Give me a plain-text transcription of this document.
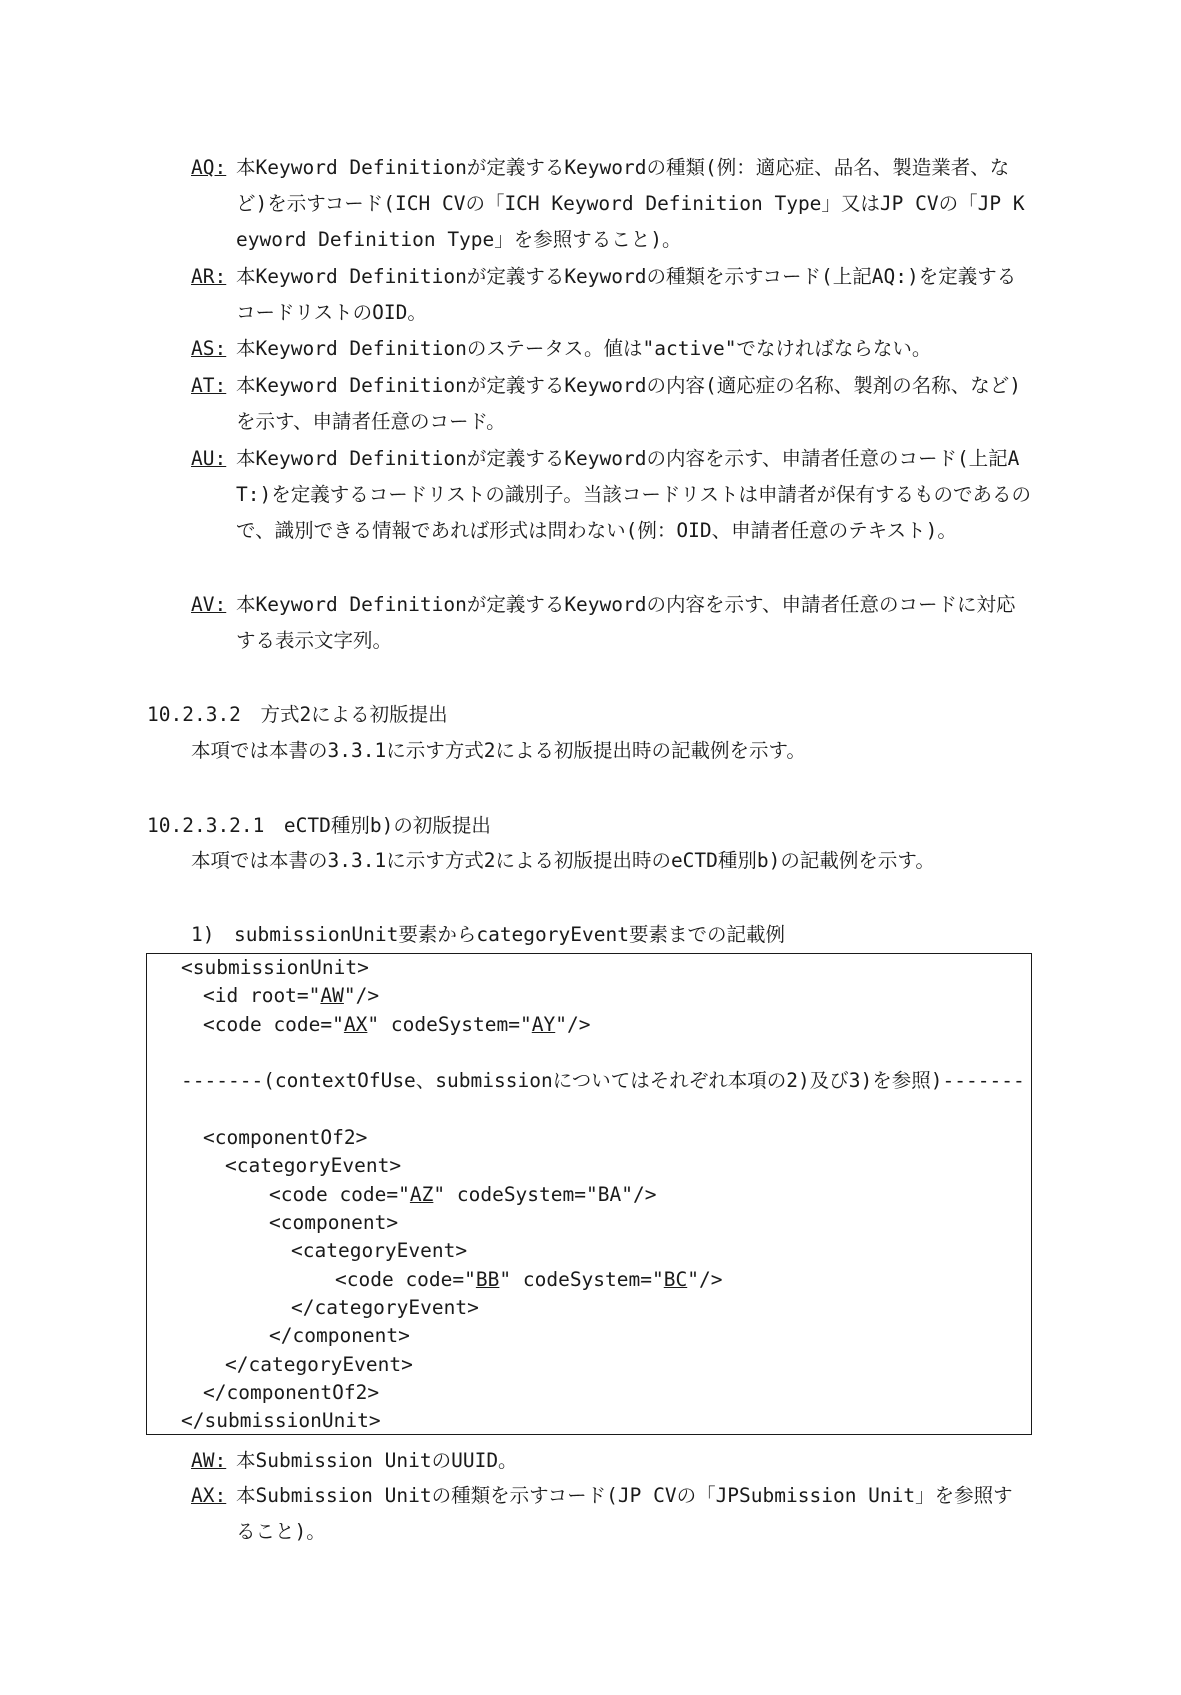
AQ: 本Keyword Definitionが定義するKeywordの種類(例：適応症、品名、製造業者、など)を示すコード(ICH CVの「ICH Keyword Definition Type」又はJP CVの「JP Keyword Definition Type」を参照すること)。
AR: 本Keyword Definitionが定義するKeywordの種類を示すコード(上記AQ:)を定義するコードリストのOID。
AS: 本Keyword Definitionのステータス。値は"active"でなければならない。
AT: 本Keyword Definitionが定義するKeywordの内容(適応症の名称、製剤の名称、など)を示す、申請者任意のコード。
AU: 本Keyword Definitionが定義するKeywordの内容を示す、申請者任意のコード(上記AT:)を定義するコードリストの識別子。当該コードリストは申請者が保有するものであるので、識別できる情報であれば形式は問わない(例：OID、申請者任意のテキスト)。
AV: 本Keyword Definitionが定義するKeywordの内容を示す、申請者任意のコードに対応する表示文字列。
10.2.3.2　 方式2による初版提出
本項では本書の3.3.1に示す方式2による初版提出時の記載例を示す。
10.2.3.2.1　 eCTD種別b)の初版提出
本項では本書の3.3.1に示す方式2による初版提出時のeCTD種別b)の記載例を示す。
1)　submissionUnit要素からcategoryEvent要素までの記載例
<submissionUnit>
<id root="AW"/>
<code code="AX" codeSystem="AY"/>
-------(contextOfUse、submissionについてはそれぞれ本項の2)及び3)を参照)-------
<componentOf2>
<categoryEvent>
<code code="AZ" codeSystem="BA"/>
<component>
<categoryEvent>
<code code="BB" codeSystem="BC"/>
</categoryEvent>
</component>
</categoryEvent>
</componentOf2>
</submissionUnit>
AW: 本Submission UnitのUUID。
AX: 本Submission Unitの種類を示すコード(JP CVの「JPSubmission Unit」を参照すること)。
